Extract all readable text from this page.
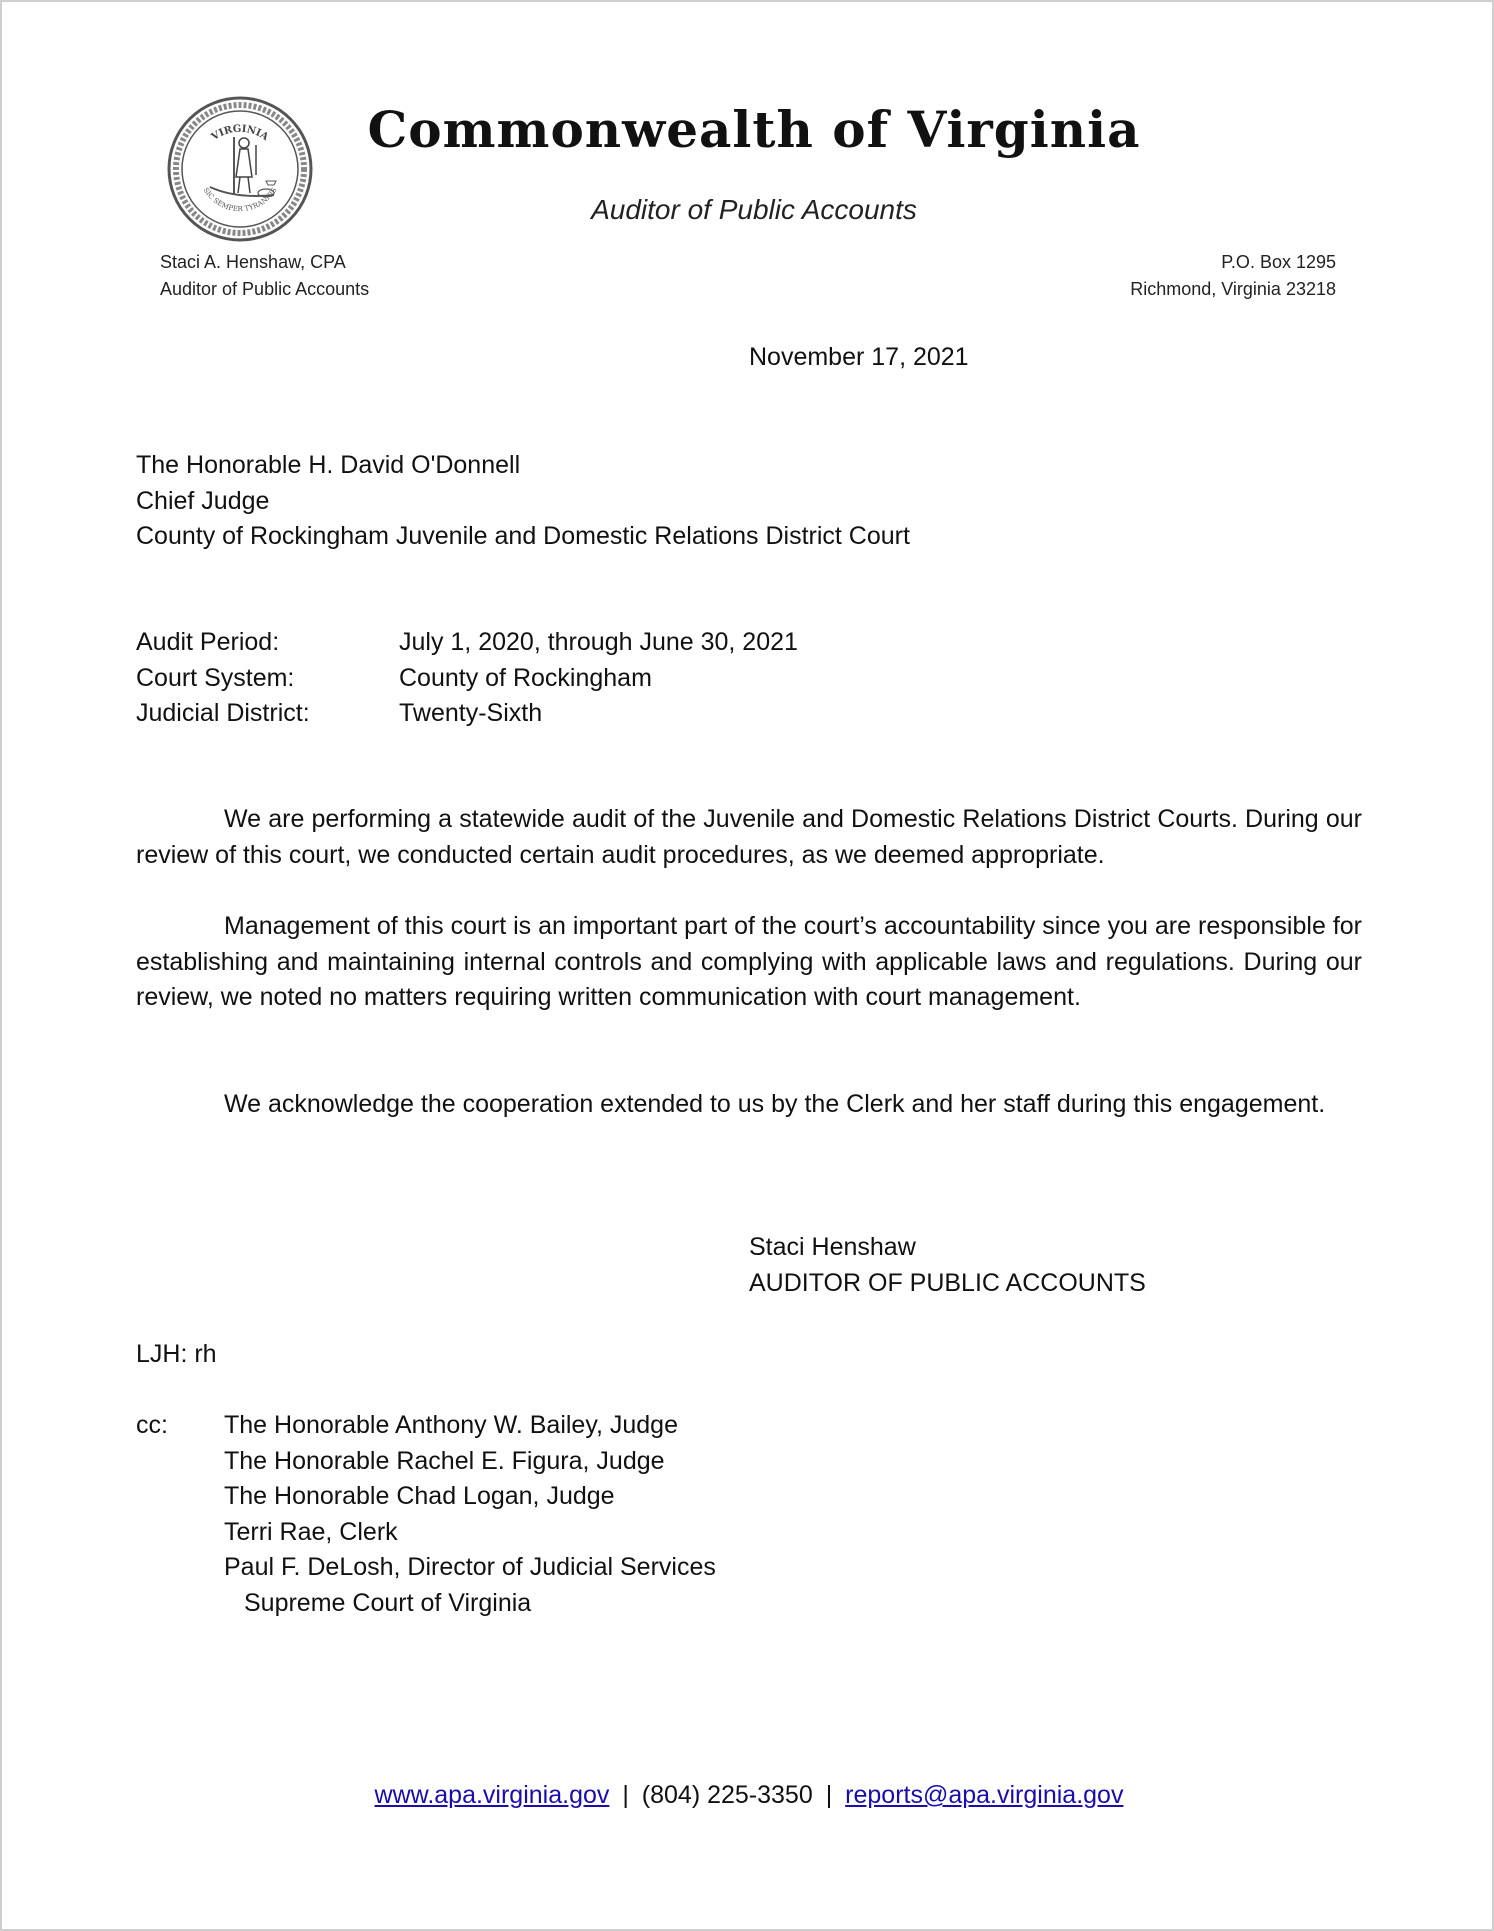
VIRGINIA
SIC SEMPER TYRANNIS
Commonwealth of Virginia
Auditor of Public Accounts
Staci A. Henshaw, CPA
Auditor of Public Accounts
P.O. Box 1295
Richmond, Virginia 23218
November 17, 2021
The Honorable H. David O'Donnell
Chief Judge
County of Rockingham Juvenile and Domestic Relations District Court
Audit Period:	July 1, 2020, through June 30, 2021
Court System:	County of Rockingham
Judicial District:	Twenty-Sixth
We are performing a statewide audit of the Juvenile and Domestic Relations District Courts. During our review of this court, we conducted certain audit procedures, as we deemed appropriate.
Management of this court is an important part of the court’s accountability since you are responsible for establishing and maintaining internal controls and complying with applicable laws and regulations. During our review, we noted no matters requiring written communication with court management.
We acknowledge the cooperation extended to us by the Clerk and her staff during this engagement.
Staci Henshaw
AUDITOR OF PUBLIC ACCOUNTS
LJH: rh
cc:	The Honorable Anthony W. Bailey, Judge
The Honorable Rachel E. Figura, Judge
The Honorable Chad Logan, Judge
Terri Rae, Clerk
Paul F. DeLosh, Director of Judicial Services
Supreme Court of Virginia
www.apa.virginia.gov | (804) 225-3350 | reports@apa.virginia.gov
